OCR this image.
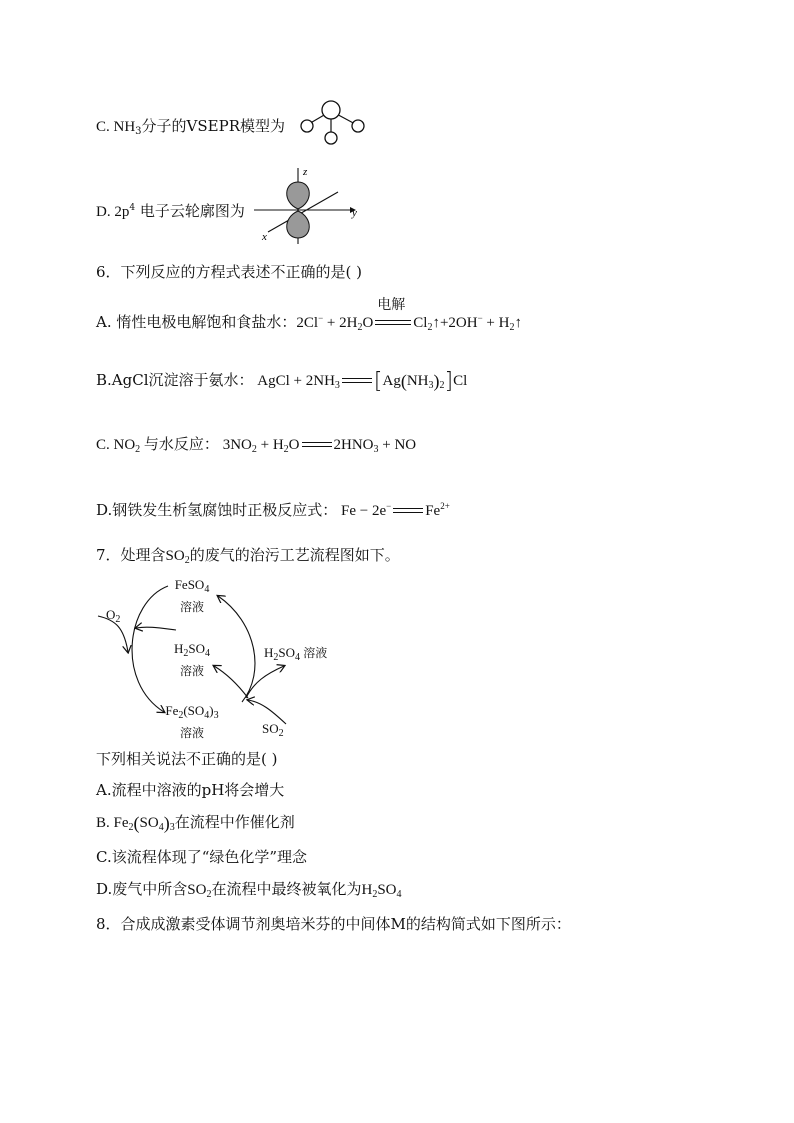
C. $NH_3$分子的VSEPR模型为
D. $2p^4$ 电子云轮廓图为
z
y
x
6．下列反应的方程式表述不正确的是( )
A. 惰性电极电解饱和食盐水：$2Cl^- + 2H_2O$
电解
$Cl_2↑+2OH^-$ + $H_2↑$
B.AgCl沉淀溶于氨水： AgCl + $2NH_3$ $[Ag(NH_3)_2]Cl$
C. $NO_2$ 与水反应： $3NO_2 + H_2O$ $2HNO_3$ + NO
D.钢铁发生析氢腐蚀时正极反应式： Fe − 2e− $Fe^{2+}$
7．处理含$SO_2$的废气的治污工艺流程图如下。
FeSO$_4$
溶液
$O_2$
$H_2SO_4$
溶液
$H_2SO_4$ 溶液
$Fe_2(SO_4)_3$
溶液	$SO_2$
下列相关说法不正确的是( )
A.流程中溶液的pH将会增大
B. $Fe_2(SO_4)_3$在流程中作催化剂
C.该流程体现了“绿色化学”理念
D.废气中所含$SO_2$在流程中最终被氧化为$H_2SO_4$
8．合成成激素受体调节剂奥培米芬的中间体M的结构简式如下图所示：
